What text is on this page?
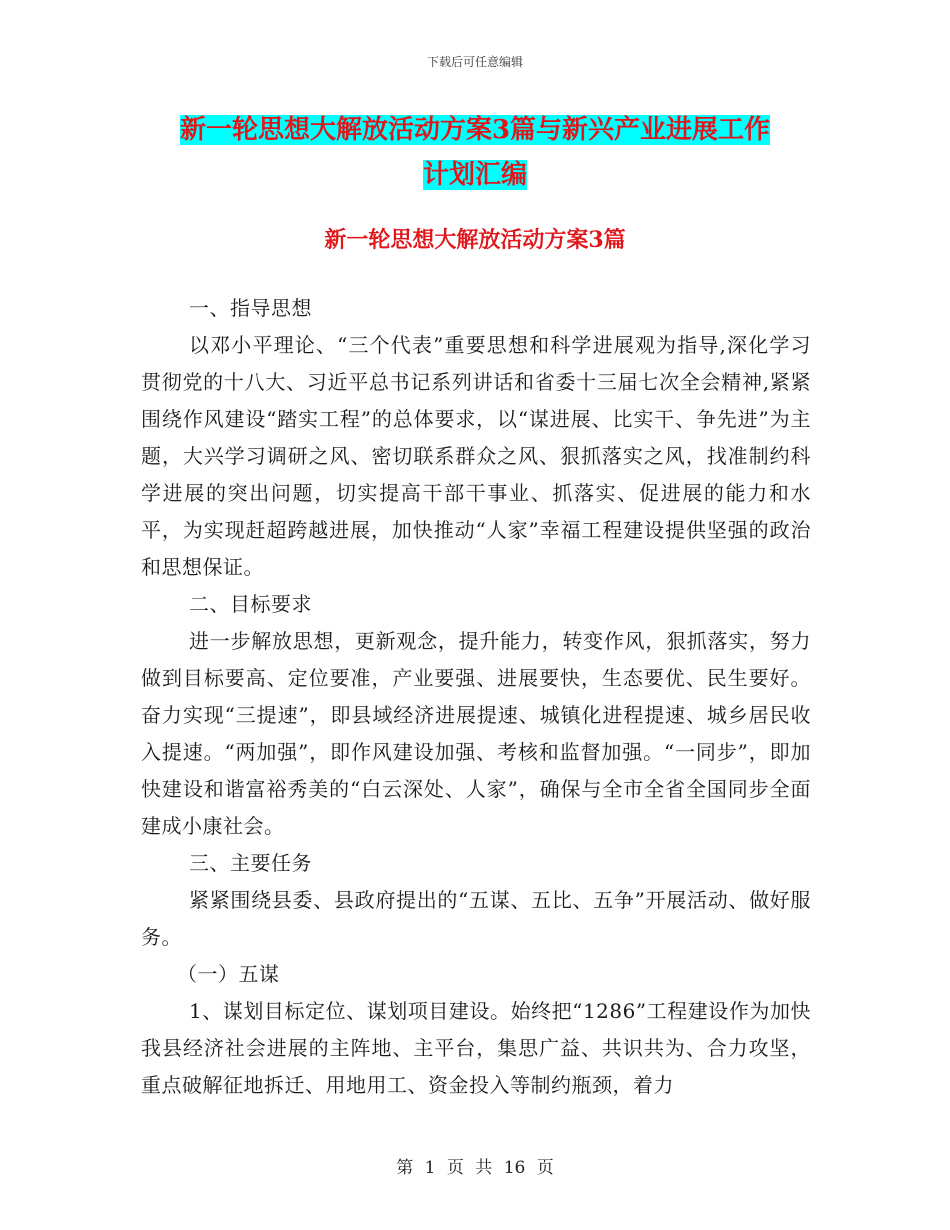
下载后可任意编辑
新一轮思想大解放活动方案3篇与新兴产业进展工作
计划汇编
新一轮思想大解放活动方案3篇

一、指导思想

以邓小平理论、“三个代表”重要思想和科学进展观为指导,深化学习贯彻党的十八大、习近平总书记系列讲话和省委十三届七次全会精神,紧紧围绕作风建设“踏实工程”的总体要求，以“谋进展、比实干、争先进”为主题，大兴学习调研之风、密切联系群众之风、狠抓落实之风，找准制约科学进展的突出问题，切实提高干部干事业、抓落实、促进展的能力和水平，为实现赶超跨越进展，加快推动“人家”幸福工程建设提供坚强的政治和思想保证。

二、目标要求

进一步解放思想，更新观念，提升能力，转变作风，狠抓落实，努力做到目标要高、定位要准，产业要强、进展要快，生态要优、民生要好。奋力实现“三提速”，即县域经济进展提速、城镇化进程提速、城乡居民收入提速。“两加强”，即作风建设加强、考核和监督加强。“一同步”，即加快建设和谐富裕秀美的“白云深处、人家”，确保与全市全省全国同步全面建成小康社会。

三、主要任务

紧紧围绕县委、县政府提出的“五谋、五比、五争”开展活动、做好服务。

（一）五谋

1、谋划目标定位、谋划项目建设。始终把“1286”工程建设作为加快我县经济社会进展的主阵地、主平台，集思广益、共识共为、合力攻坚，重点破解征地拆迁、用地用工、资金投入等制约瓶颈，着力

第 1 页 共 16 页
